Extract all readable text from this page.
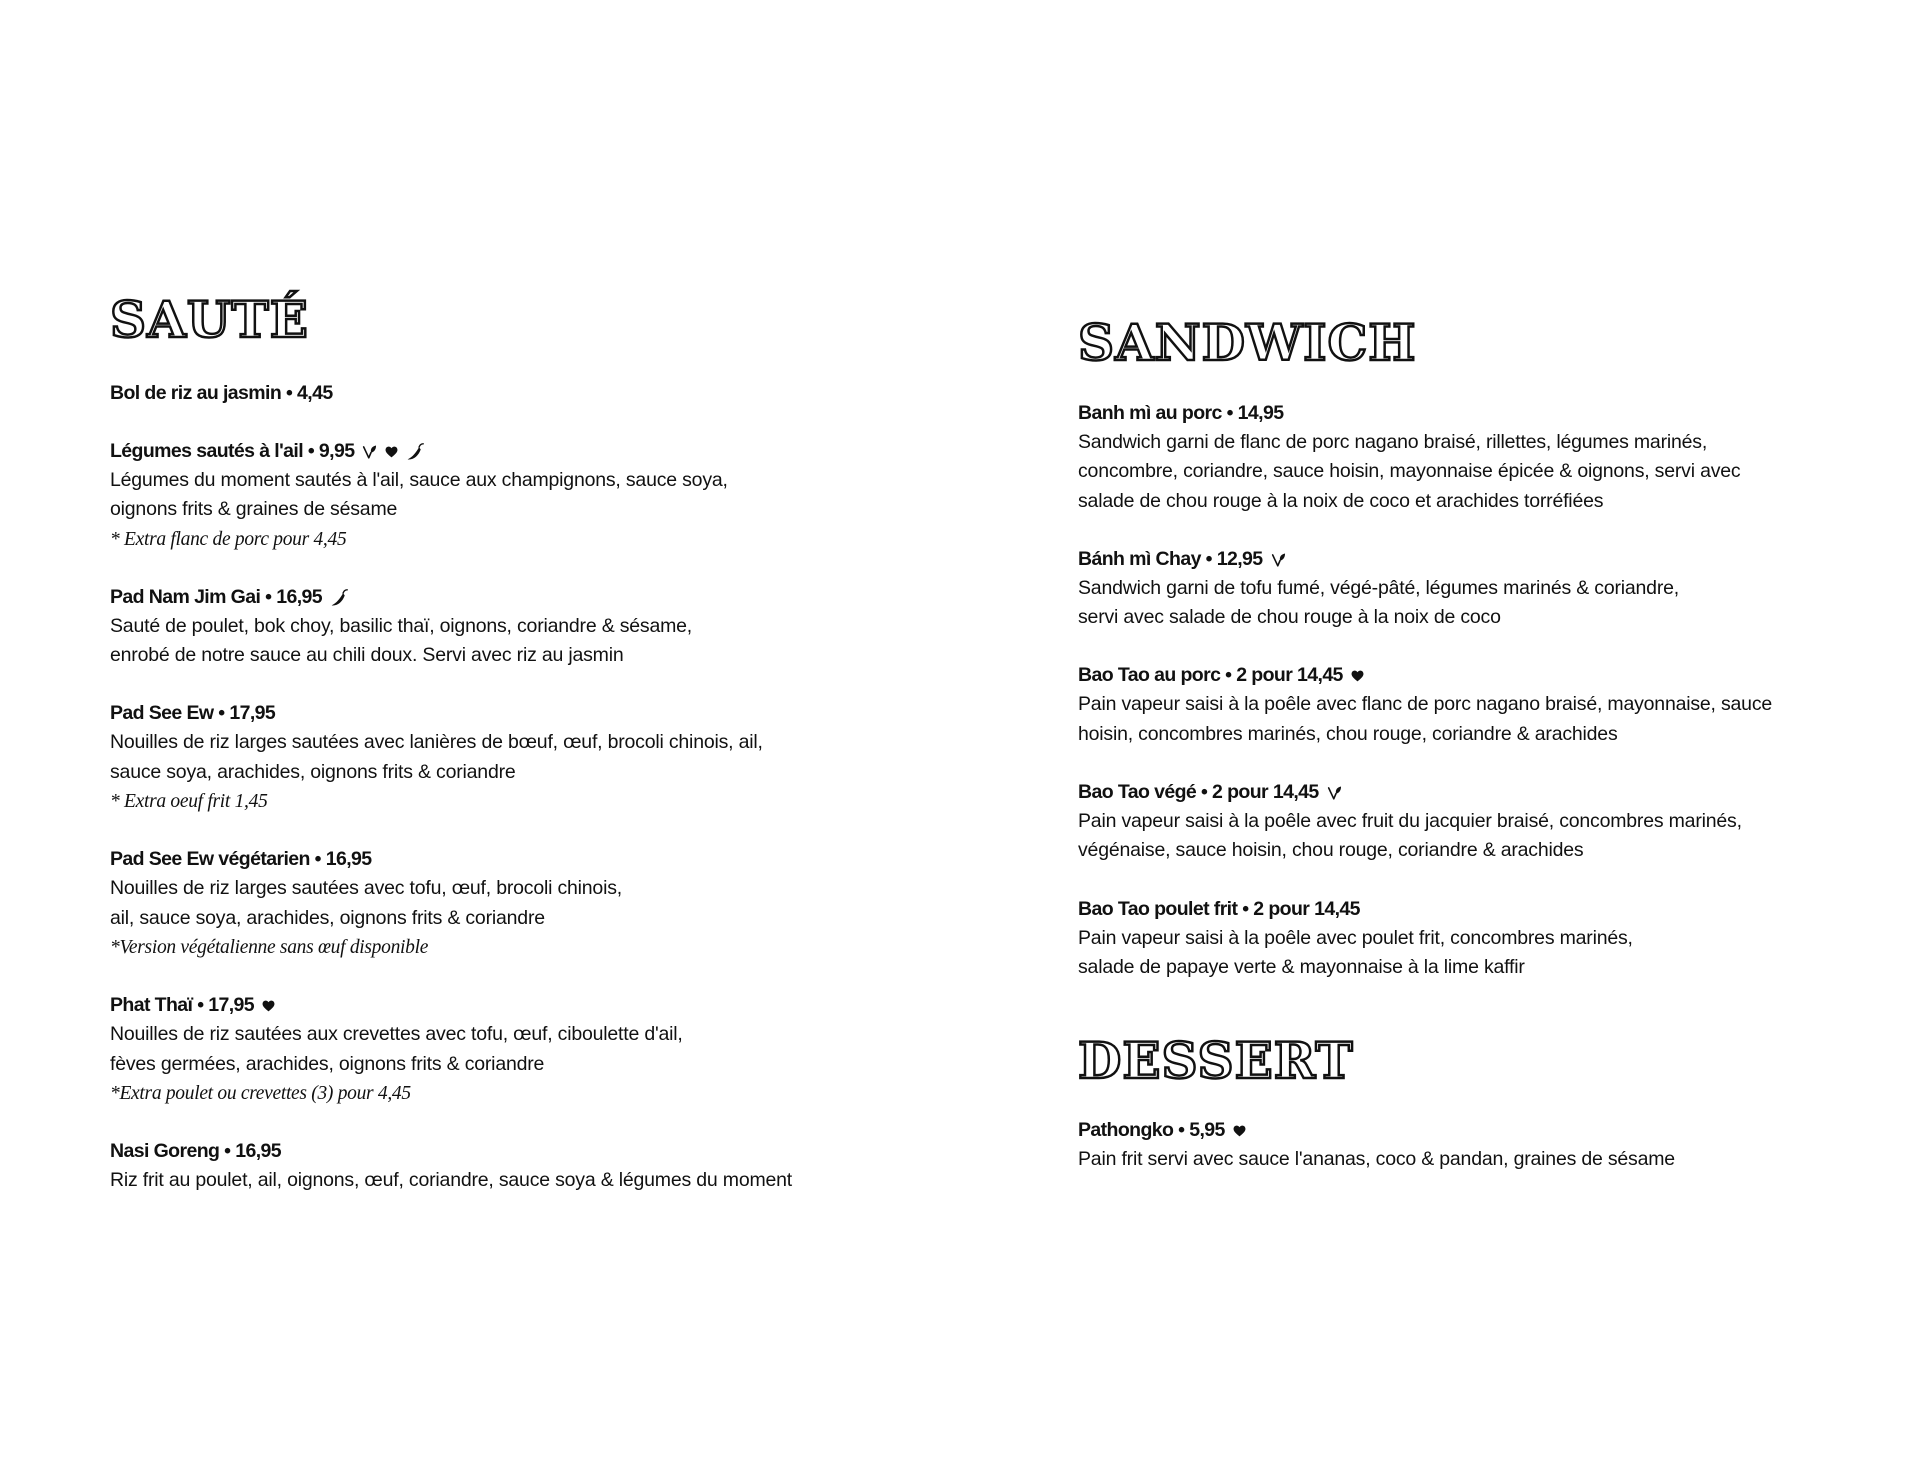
SAUTÉ
Bol de riz au jasmin • 4,45
Légumes sautés à l'ail • 9,95
Légumes du moment sautés à l'ail, sauce aux champignons, sauce soya,
oignons frits & graines de sésame
* Extra flanc de porc pour 4,45
Pad Nam Jim Gai • 16,95
Sauté de poulet, bok choy, basilic thaï, oignons, coriandre & sésame,
enrobé de notre sauce au chili doux. Servi avec riz au jasmin
Pad See Ew • 17,95
Nouilles de riz larges sautées avec lanières de bœuf, œuf, brocoli chinois, ail,
sauce soya, arachides, oignons frits & coriandre
* Extra oeuf frit 1,45
Pad See Ew végétarien • 16,95
Nouilles de riz larges sautées avec tofu, œuf, brocoli chinois,
ail, sauce soya, arachides, oignons frits & coriandre
*Version végétalienne sans œuf disponible
Phat Thaï • 17,95
Nouilles de riz sautées aux crevettes avec tofu, œuf, ciboulette d'ail,
fèves germées, arachides, oignons frits & coriandre
*Extra poulet ou crevettes (3) pour 4,45
Nasi Goreng • 16,95
Riz frit au poulet, ail, oignons, œuf, coriandre, sauce soya & légumes du moment
SANDWICH
Banh mì au porc • 14,95
Sandwich garni de flanc de porc nagano braisé, rillettes, légumes marinés,
concombre, coriandre, sauce hoisin, mayonnaise épicée & oignons, servi avec
salade de chou rouge à la noix de coco et arachides torréfiées
Bánh mì Chay • 12,95
Sandwich garni de tofu fumé, végé-pâté, légumes marinés & coriandre,
servi avec salade de chou rouge à la noix de coco
Bao Tao au porc • 2 pour 14,45
Pain vapeur saisi à la poêle avec flanc de porc nagano braisé, mayonnaise, sauce
hoisin, concombres marinés, chou rouge, coriandre & arachides
Bao Tao végé • 2 pour 14,45
Pain vapeur saisi à la poêle avec fruit du jacquier braisé, concombres marinés,
végénaise, sauce hoisin, chou rouge, coriandre & arachides
Bao Tao poulet frit • 2 pour 14,45
Pain vapeur saisi à la poêle avec poulet frit, concombres marinés,
salade de papaye verte & mayonnaise à la lime kaffir
DESSERT
Pathongko • 5,95
Pain frit servi avec sauce l'ananas, coco & pandan, graines de sésame
